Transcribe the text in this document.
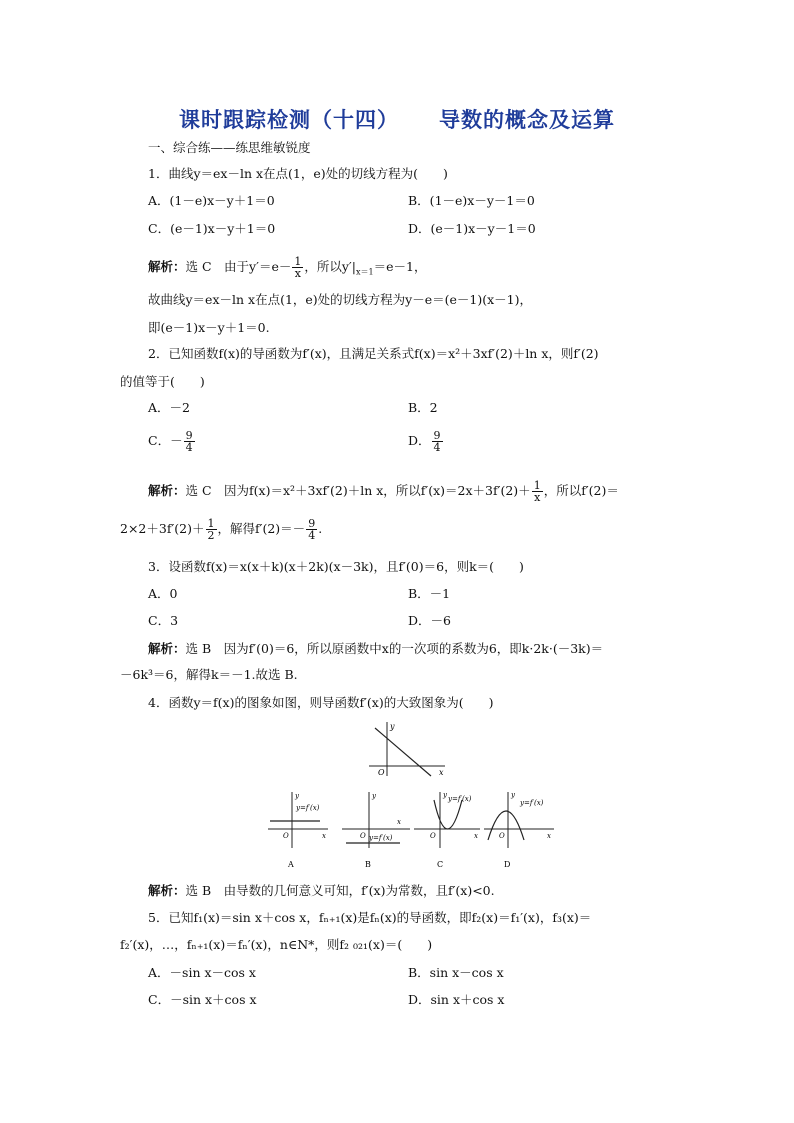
课时跟踪检测（十四） 导数的概念及运算
一、综合练——练思维敏锐度
1．曲线y＝ex－ln x在点(1，e)处的切线方程为(　　)
A．(1－e)x－y＋1＝0	B．(1－e)x－y－1＝0
C．(e－1)x－y＋1＝0	D．(e－1)x－y－1＝0
解析：选 C　由于$y'=e- \frac{1}{x}$ ，所以$y'|_{x=1}=e-1$，
故曲线y＝ex－ln x在点(1，e)处的切线方程为y－e＝(e－1)(x－1)，
即(e－1)x－y＋1＝0.
2．已知函数f(x)的导函数为f′(x)，且满足关系式f(x)＝x²＋3xf′(2)＋ln x，则f′(2)
的值等于(　　)
A．－2	B．2
C．－ $\frac{9}{4}$	D． $\frac{9}{4}$
解析：选 C　因为f(x)＝x²＋3xf′(2)＋ln x，所以$f'(x)=2x+3f'(2)+ \frac{1}{x}$ ，所以f′(2)＝
$2\times 2+3f'(2)+ \frac{1}{2}$ ，解得$f'(2)=- \frac{9}{4}$ .
3．设函数f(x)＝x(x＋k)(x＋2k)(x－3k)，且f′(0)＝6，则k＝(　　)
A．0	B．－1
C．3	D．－6
解析：选 B　因为f′(0)＝6，所以原函数中x的一次项的系数为6，即k·2k·(－3k)＝
－6k³＝6，解得k＝－1.故选 B.
4．函数y＝f(x)的图象如图，则导函数f′(x)的大致图象为(　　)
y
x
O
y
x
O
y=f′(x)
A
y
x
O y=f′(x)
B
y
x
O
y=f′(x)
C
y
x
O
y=f′(x)
D
解析：选 B　由导数的几何意义可知，f′(x)为常数，且f′(x)<0.
5．已知f₁(x)＝sin x＋cos x，fₙ₊₁(x)是fₙ(x)的导函数，即f₂(x)＝f₁′(x)，f₃(x)＝
f₂′(x)，…，fₙ₊₁(x)＝fₙ′(x)，n∈N*，则f₂ ₀₂₁(x)＝(　　)
A．－sin x－cos x	B．sin x－cos x
C．－sin x＋cos x	D．sin x＋cos x
